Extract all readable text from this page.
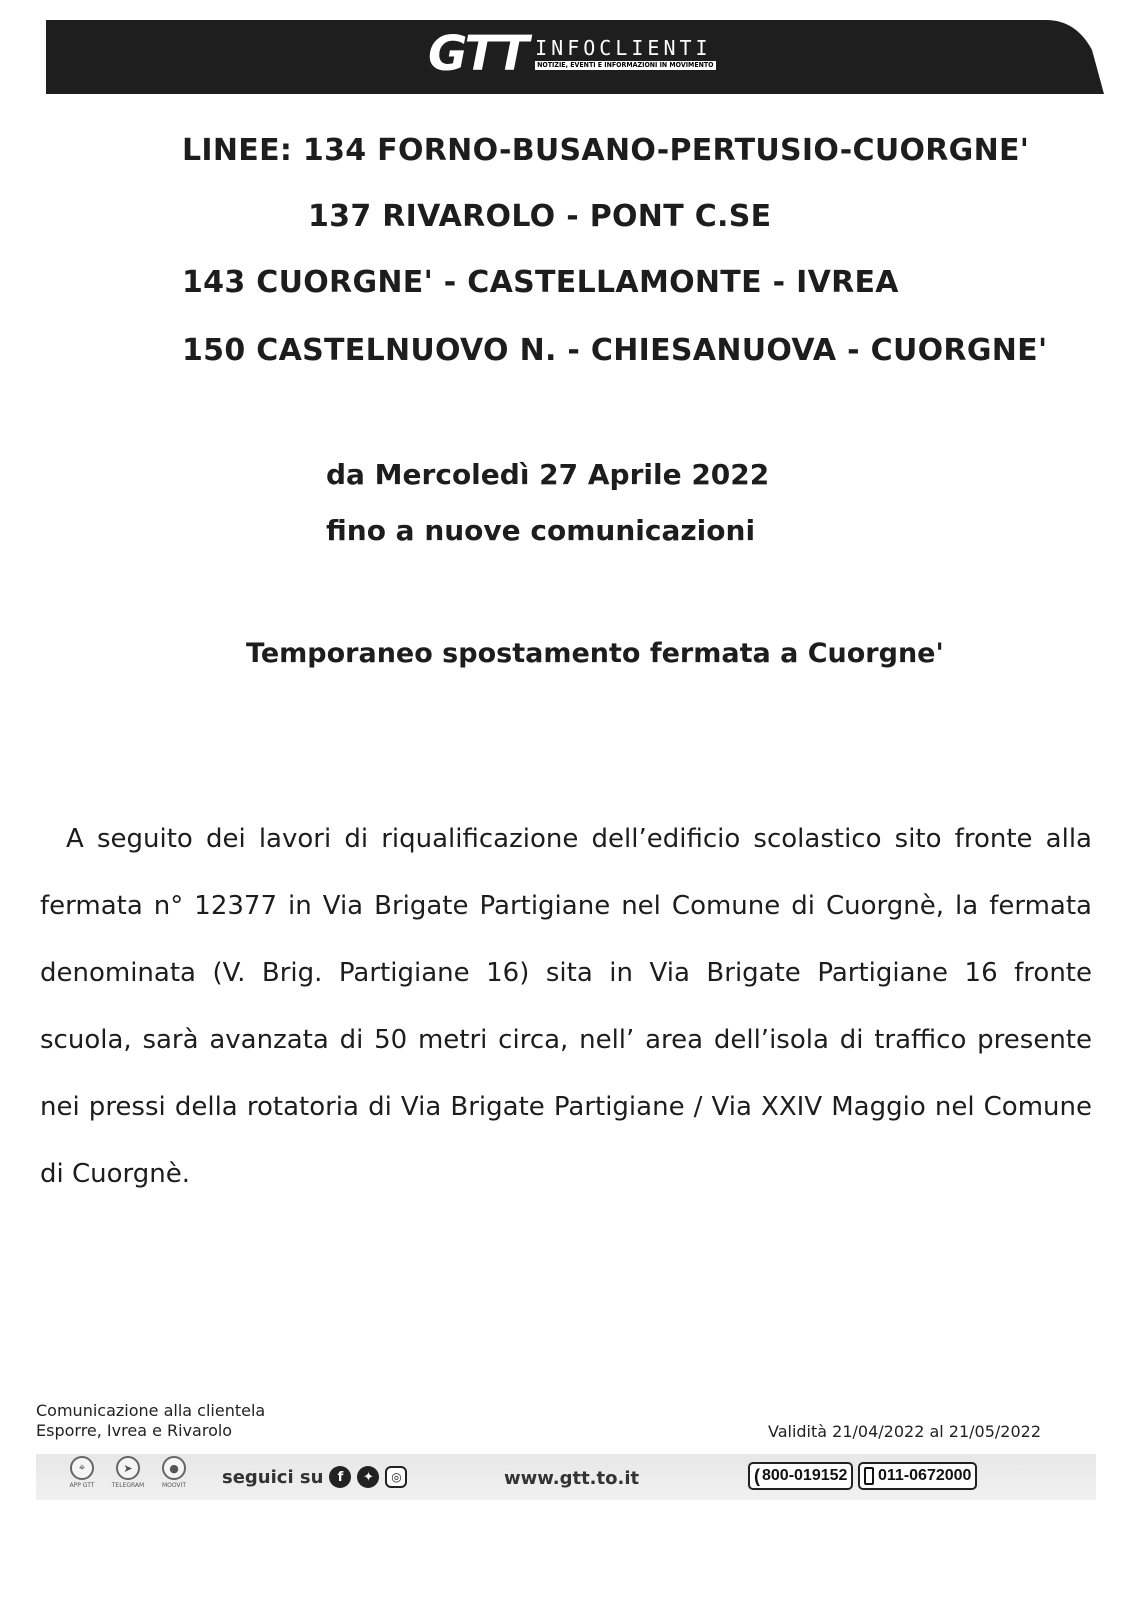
GTT INFOCLIENTI
NOTIZIE, EVENTI E INFORMAZIONI IN MOVIMENTO
LINEE: 134 FORNO-BUSANO-PERTUSIO-CUORGNE'
137 RIVAROLO - PONT C.SE
143 CUORGNE' - CASTELLAMONTE - IVREA
150 CASTELNUOVO N. - CHIESANUOVA - CUORGNE'
da Mercoledì 27 Aprile 2022
fino a nuove comunicazioni
Temporaneo spostamento fermata a Cuorgne'
A seguito dei lavori di riqualificazione dell’edificio scolastico sito fronte alla fermata n° 12377 in Via Brigate Partigiane nel Comune di Cuorgnè, la fermata denominata (V. Brig. Partigiane 16) sita in Via Brigate Partigiane 16 fronte scuola, sarà avanzata di 50 metri circa, nell’ area dell’isola di traffico presente nei pressi della rotatoria di Via Brigate Partigiane / Via XXIV Maggio nel Comune di Cuorgnè.
Comunicazione alla clientela
Esporre, Ivrea e Rivarolo	Validità 21/04/2022 al 21/05/2022
⌖
APP GTT
➤
TELEGRAM
●
MOOVIT seguici su	f	✦	◎	www.gtt.to.it	( 800-019152 011-0672000
